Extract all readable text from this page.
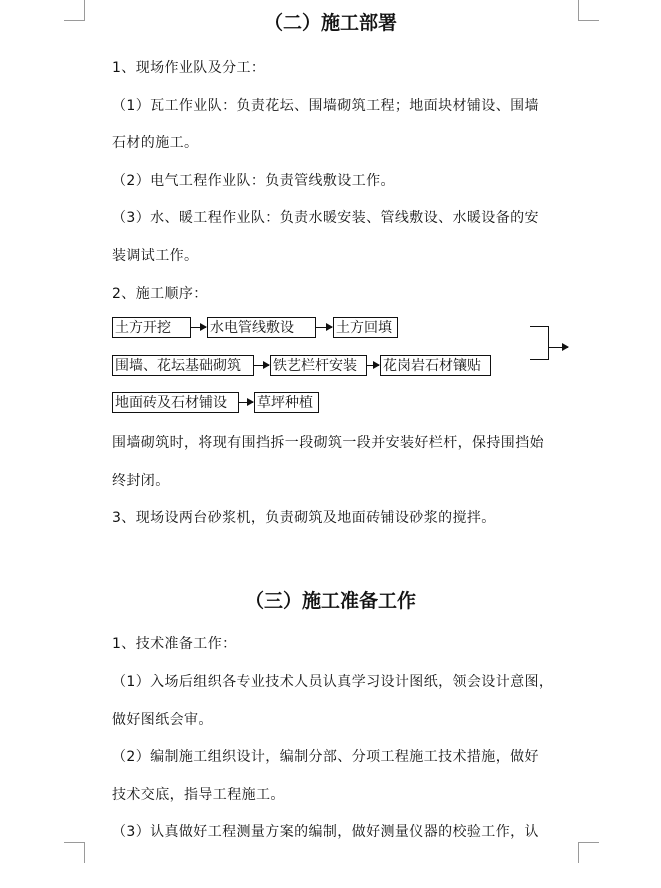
（二）施工部署
1、现场作业队及分工：
（1）瓦工作业队：负责花坛、围墙砌筑工程；地面块材铺设、围墙
石材的施工。
（2）电气工程作业队：负责管线敷设工作。
（3）水、暖工程作业队：负责水暖安装、管线敷设、水暖设备的安
装调试工作。
2、施工顺序：
土方开挖	水电管线敷设	土方回填
围墙、花坛基础砌筑	铁艺栏杆安装	花岗岩石材镶贴
地面砖及石材铺设	草坪种植
围墙砌筑时，将现有围挡拆一段砌筑一段并安装好栏杆，保持围挡始
终封闭。
3、现场设两台砂浆机，负责砌筑及地面砖铺设砂浆的搅拌。
（三）施工准备工作
1、技术准备工作：
（1）入场后组织各专业技术人员认真学习设计图纸，领会设计意图，
做好图纸会审。
（2）编制施工组织设计，编制分部、分项工程施工技术措施，做好
技术交底，指导工程施工。
（3）认真做好工程测量方案的编制，做好测量仪器的校验工作，认
